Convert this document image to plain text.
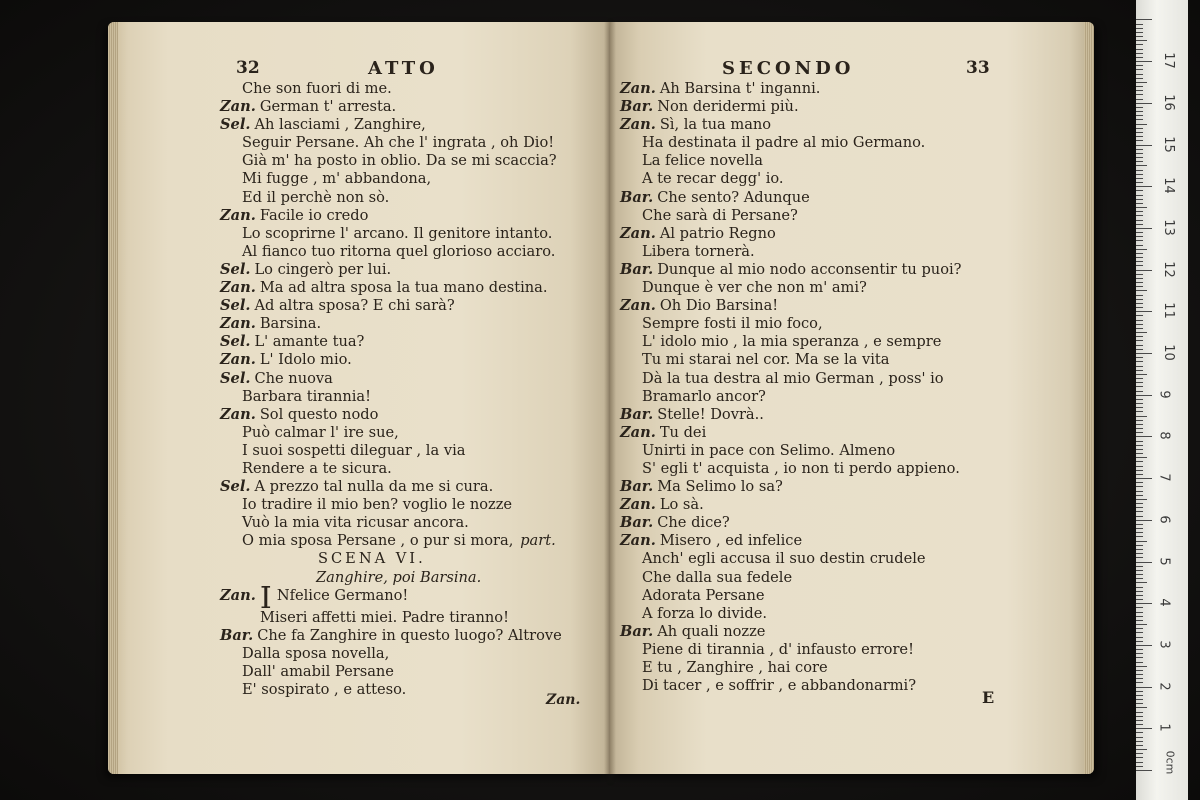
32	ATTO
Che son fuori di me.
Zan. German t' arresta.
Sel. Ah lasciami , Zanghire,
Seguir Persane. Ah che l' ingrata , oh Dio!
Già m' ha posto in oblio. Da se mi scaccia?
Mi fugge , m' abbandona,
Ed il perchè non sò.
Zan. Facile io credo
Lo scoprirne l' arcano. Il genitore intanto.
Al fianco tuo ritorna quel glorioso acciaro.
Sel. Lo cingerò per lui.
Zan. Ma ad altra sposa la tua mano destina.
Sel. Ad altra sposa? E chi sarà?
Zan. Barsina.
Sel. L' amante tua?
Zan. L' Idolo mio.
Sel. Che nuova
Barbara tirannia!
Zan. Sol questo nodo
Può calmar l' ire sue,
I suoi sospetti dileguar , la via
Rendere a te sicura.
Sel. A prezzo tal nulla da me si cura.
Io tradire il mio ben? voglio le nozze
Vuò la mia vita ricusar ancora.
O mia sposa Persane , o pur si mora, part.
SCENA VI.
Zanghire, poi Barsina.
Zan. I Nfelice Germano!
Miseri affetti miei. Padre tiranno!
Bar. Che fa Zanghire in questo luogo? Altrove
Dalla sposa novella,
Dall' amabil Persane
E' sospirato , e atteso.
Zan.
SECONDO	33
Zan. Ah Barsina t' inganni.
Bar. Non deridermi più.
Zan. Sì, la tua mano
Ha destinata il padre al mio Germano.
La felice novella
A te recar degg' io.
Bar. Che sento? Adunque
Che sarà di Persane?
Zan. Al patrio Regno
Libera tornerà.
Bar. Dunque al mio nodo acconsentir tu puoi?
Dunque è ver che non m' ami?
Zan. Oh Dio Barsina!
Sempre fosti il mio foco,
L' idolo mio , la mia speranza , e sempre
Tu mi starai nel cor. Ma se la vita
Dà la tua destra al mio German , poss' io
Bramarlo ancor?
Bar. Stelle! Dovrà..
Zan. Tu dei
Unirti in pace con Selimo. Almeno
S' egli t' acquista , io non ti perdo appieno.
Bar. Ma Selimo lo sa?
Zan. Lo sà.
Bar. Che dice?
Zan. Misero , ed infelice
Anch' egli accusa il suo destin crudele
Che dalla sua fedele
Adorata Persane
A forza lo divide.
Bar. Ah quali nozze
Piene di tirannia , d' infausto errore!
E tu , Zanghire , hai core
Di tacer , e soffrir , e abbandonarmi?
E
0cm
17
16
15
14
13
12
11
10
9
8
7
6
5
4
3
2
1
